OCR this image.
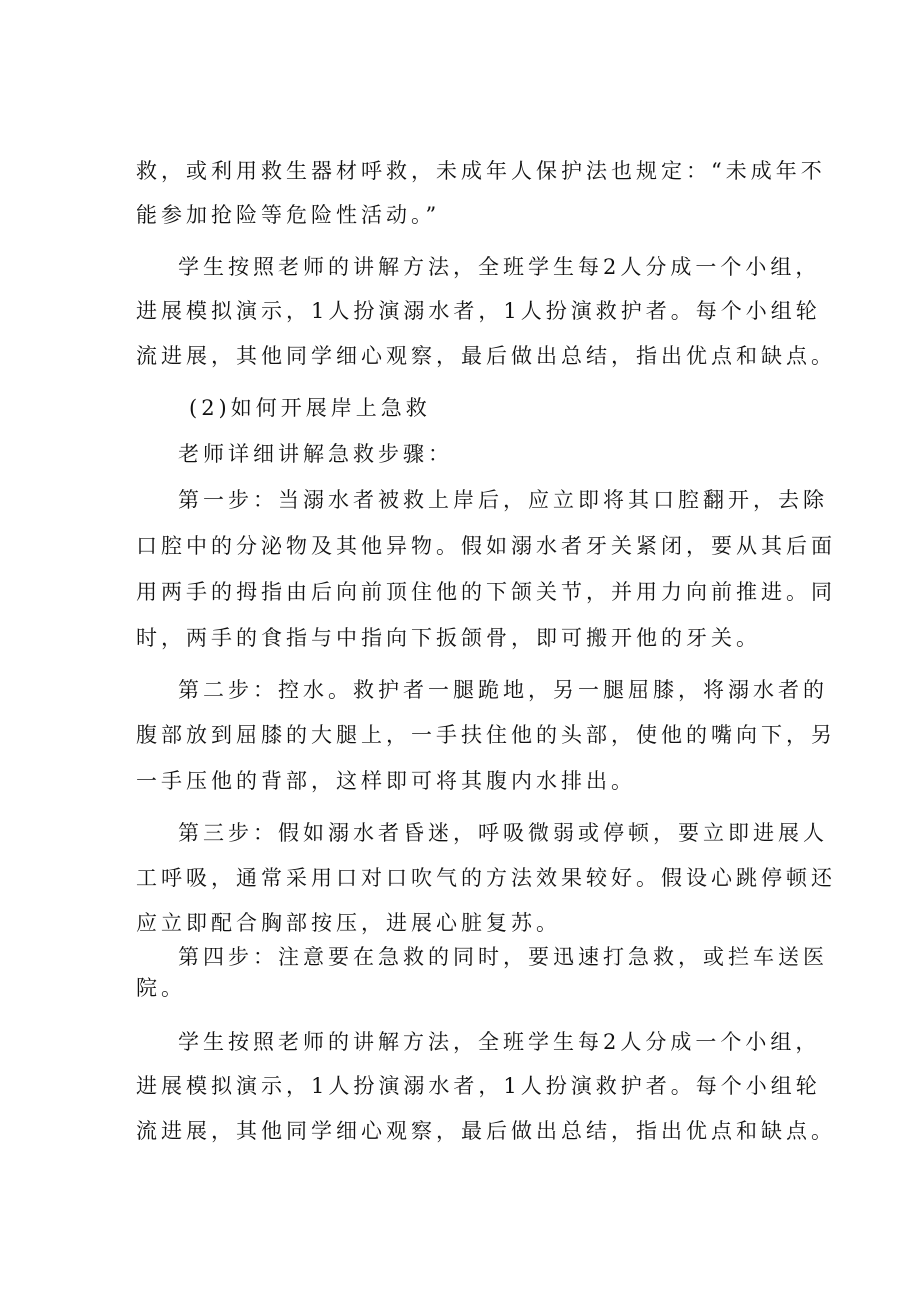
救，或利用救生器材呼救，未成年人保护法也规定：“未成年不
能参加抢险等危险性活动。”
学生按照老师的讲解方法，全班学生每2人分成一个小组，
进展模拟演示，1人扮演溺水者，1人扮演救护者。每个小组轮
流进展，其他同学细心观察，最后做出总结，指出优点和缺点。
(2)如何开展岸上急救
老师详细讲解急救步骤：
第一步：当溺水者被救上岸后，应立即将其口腔翻开，去除
口腔中的分泌物及其他异物。假如溺水者牙关紧闭，要从其后面
用两手的拇指由后向前顶住他的下颌关节，并用力向前推进。同
时，两手的食指与中指向下扳颌骨，即可搬开他的牙关。
第二步：控水。救护者一腿跪地，另一腿屈膝，将溺水者的
腹部放到屈膝的大腿上，一手扶住他的头部，使他的嘴向下，另
一手压他的背部，这样即可将其腹内水排出。
第三步：假如溺水者昏迷，呼吸微弱或停顿，要立即进展人
工呼吸，通常采用口对口吹气的方法效果较好。假设心跳停顿还
应立即配合胸部按压，进展心脏复苏。
第四步：注意要在急救的同时，要迅速打急救，或拦车送医
院。
学生按照老师的讲解方法，全班学生每2人分成一个小组，
进展模拟演示，1人扮演溺水者，1人扮演救护者。每个小组轮
流进展，其他同学细心观察，最后做出总结，指出优点和缺点。
